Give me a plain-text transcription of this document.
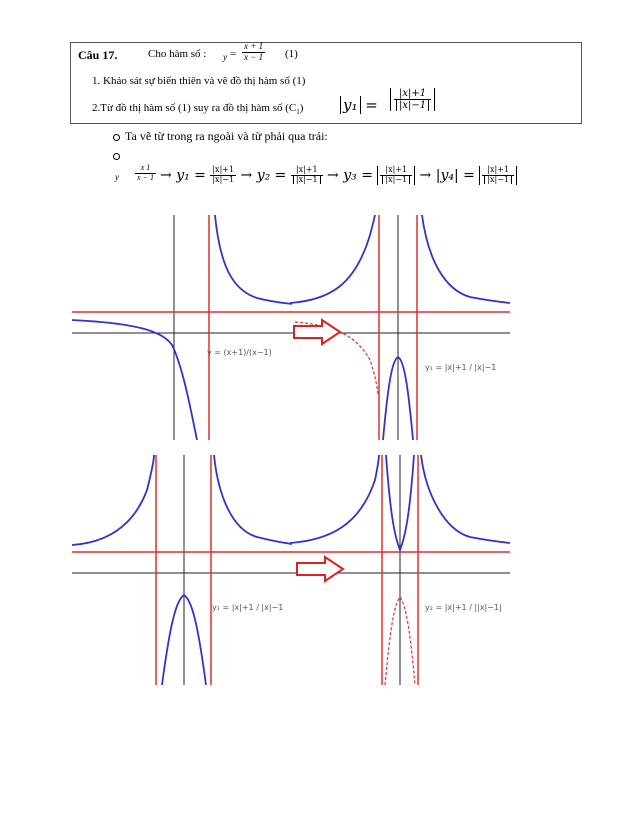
Câu 17.	Cho hàm số : $y = \frac{x + 1}{x - 1} (1)$
1. Khảo sát sự biến thiên và vẽ đồ thị hàm số (1)
2.Từ đồ thị hàm số (1) suy ra đồ thị hàm số $(C_1)$	$y_1 = \frac{|x|+1}{|x|-1}$
Ta vẽ từ trong ra ngoài và từ phải qua trái:
y $\frac{x 1}{x - 1} \to y_1 = \frac{|x|+1}{|x|-1} \to y_2 = \frac{|x|+1}{|x|-1} \to y_3 = \frac{|x|+1}{|x|-1} \to |y_4| = \frac{|x|+1}{|x|-1}$
y = (x+1)/(x−1)
y₁ = |x|+1 / |x|−1
y₁ = |x|+1 / |x|−1	y₂ = |x|+1 / ||x|−1|
